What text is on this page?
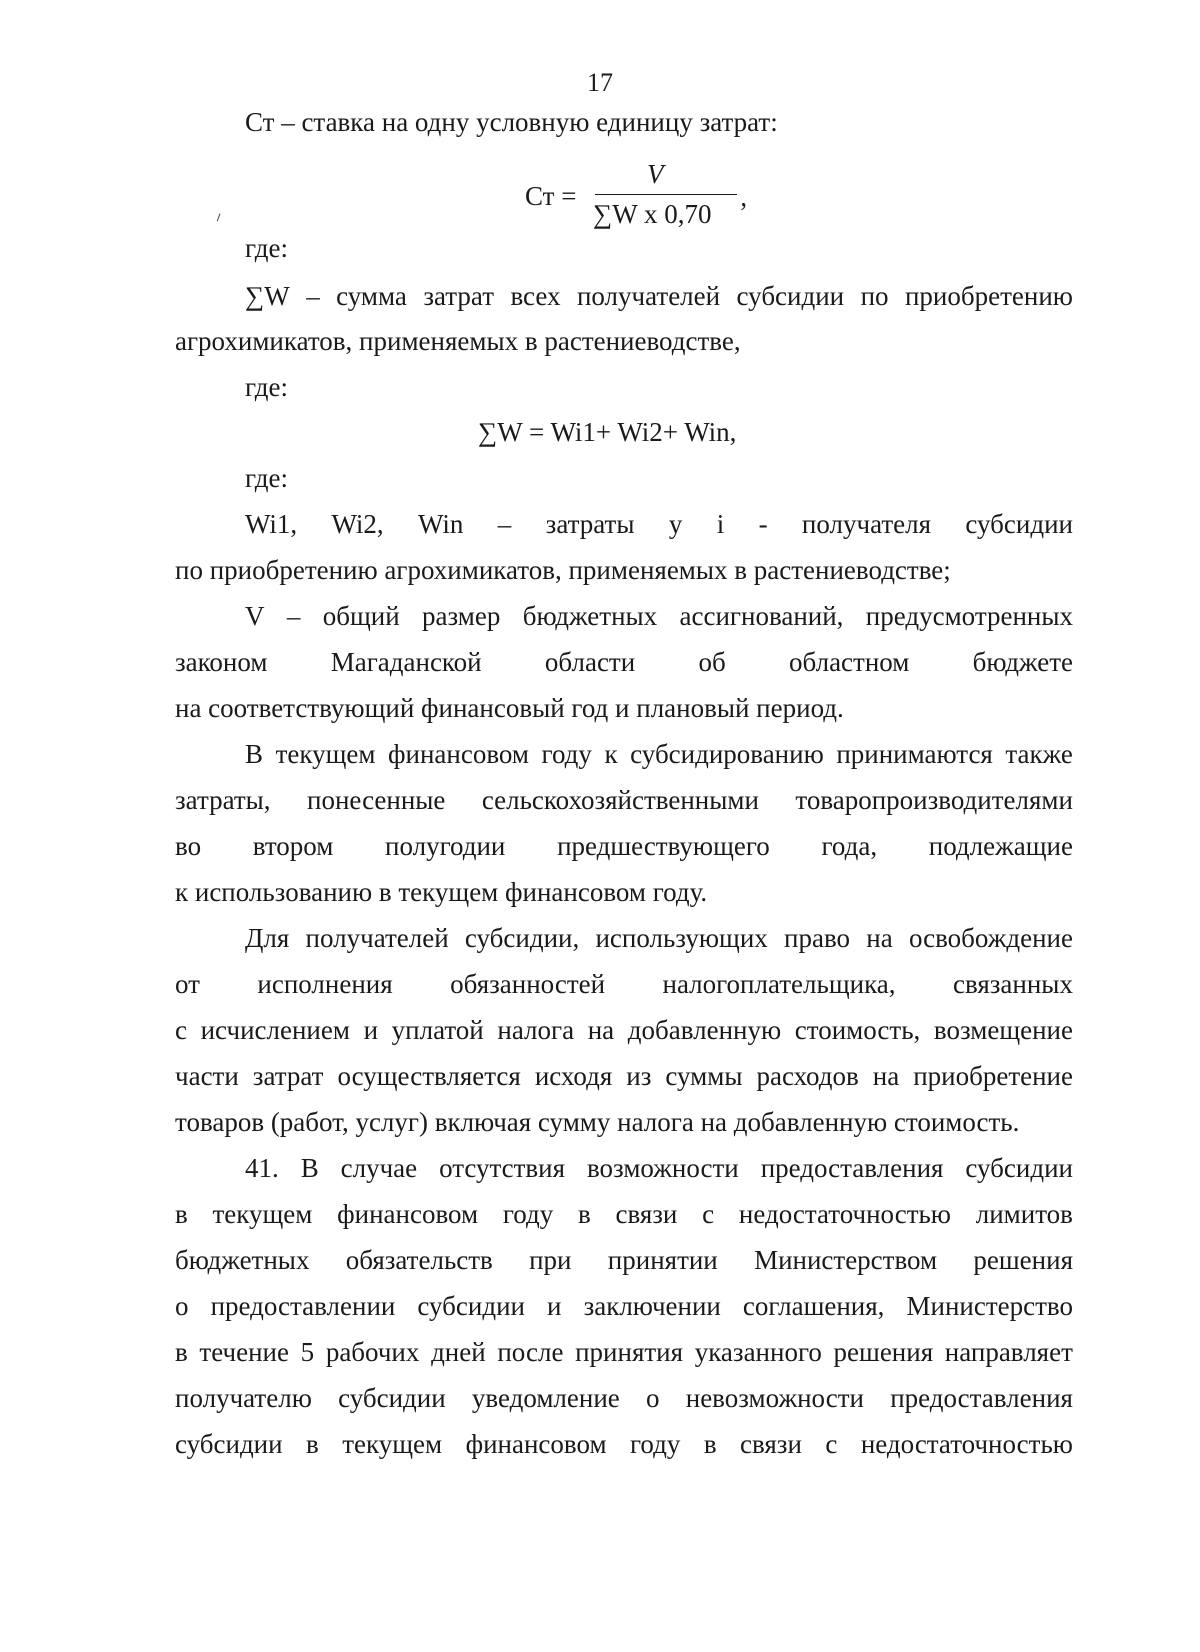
17
Ст – ставка на одну условную единицу затрат:
Ст =
V
∑W x 0,70 ’
где:
∑W – сумма затрат всех получателей субсидии по приобретению
агрохимикатов, применяемых в растениеводстве,
где:
∑W = Wi1+ Wi2+ Win,
где:
Wi1, Wi2, Win – затраты у i - получателя субсидии
по приобретению агрохимикатов, применяемых в растениеводстве;
V – общий размер бюджетных ассигнований, предусмотренных
законом Магаданской области об областном бюджете
на соответствующий финансовый год и плановый период.
В текущем финансовом году к субсидированию принимаются также
затраты, понесенные сельскохозяйственными товаропроизводителями
во втором полугодии предшествующего года, подлежащие
к использованию в текущем финансовом году.
Для получателей субсидии, использующих право на освобождение
от исполнения обязанностей налогоплательщика, связанных
с исчислением и уплатой налога на добавленную стоимость, возмещение
части затрат осуществляется исходя из суммы расходов на приобретение
товаров (работ, услуг) включая сумму налога на добавленную стоимость.
41. В случае отсутствия возможности предоставления субсидии
в текущем финансовом году в связи с недостаточностью лимитов
бюджетных обязательств при принятии Министерством решения
о предоставлении субсидии и заключении соглашения, Министерство
в течение 5 рабочих дней после принятия указанного решения направляет
получателю субсидии уведомление о невозможности предоставления
субсидии в текущем финансовом году в связи с недостаточностью
